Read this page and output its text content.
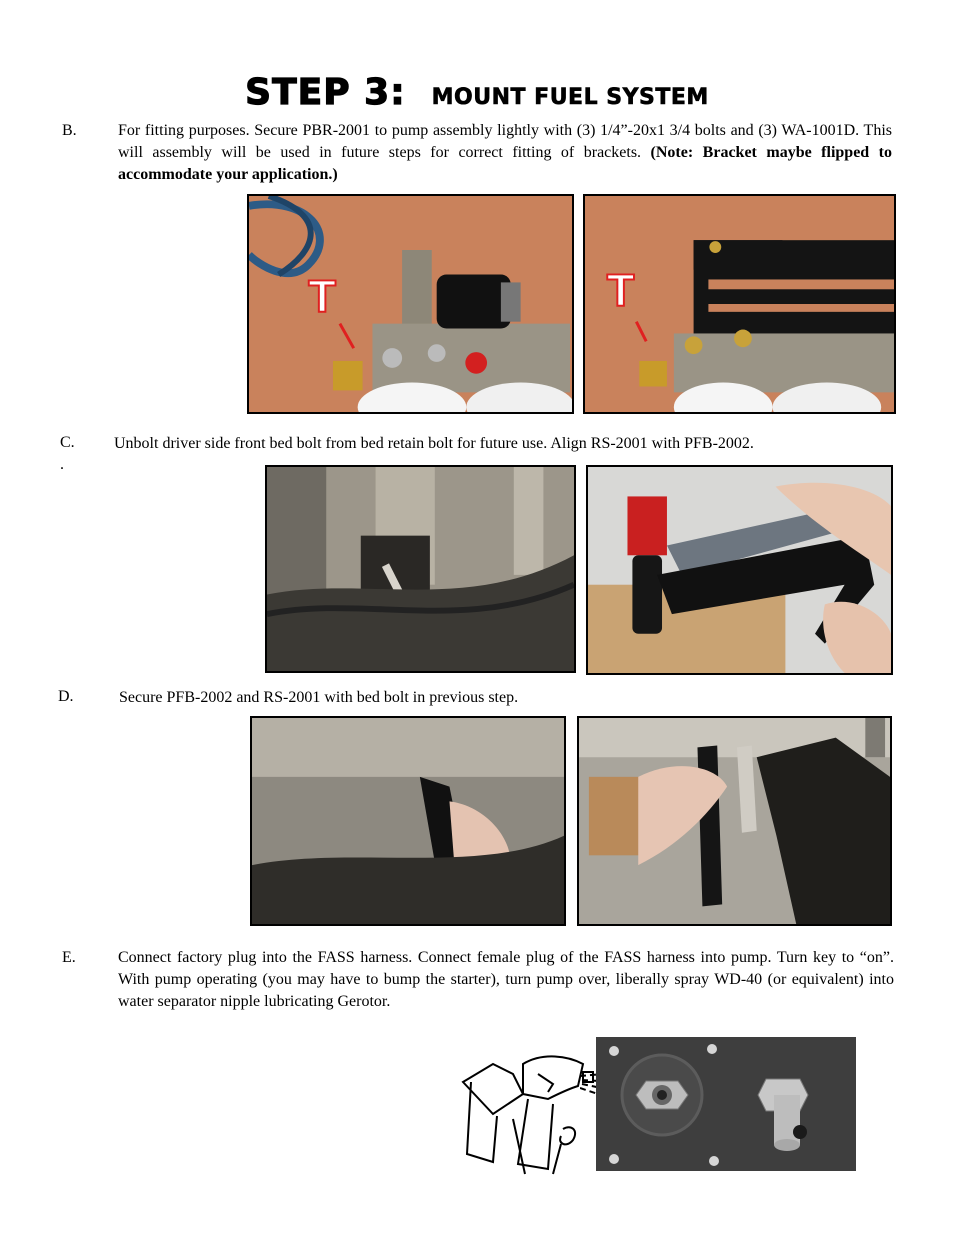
STEP 3: MOUNT FUEL SYSTEM
B.	For fitting purposes. Secure PBR-2001 to pump assembly lightly with (3) 1/4”-20x1 3/4 bolts and (3) WA-1001D. This will assembly will be used in future steps for correct fitting of brackets. (Note: Bracket maybe flipped to accommodate your application.)
T	T
C. Unbolt driver side front bed bolt from bed retain bolt for future use. Align RS-2001 with PFB-2002.
.
D.	Secure PFB-2002 and RS-2001 with bed bolt in previous step.
E.	Connect factory plug into the FASS harness. Connect female plug of the FASS harness into pump. Turn key to “on”. With pump operating (you may have to bump the starter), turn pump over, liberally spray WD-40 (or equivalent) into water separator nipple lubricating Gerotor.
